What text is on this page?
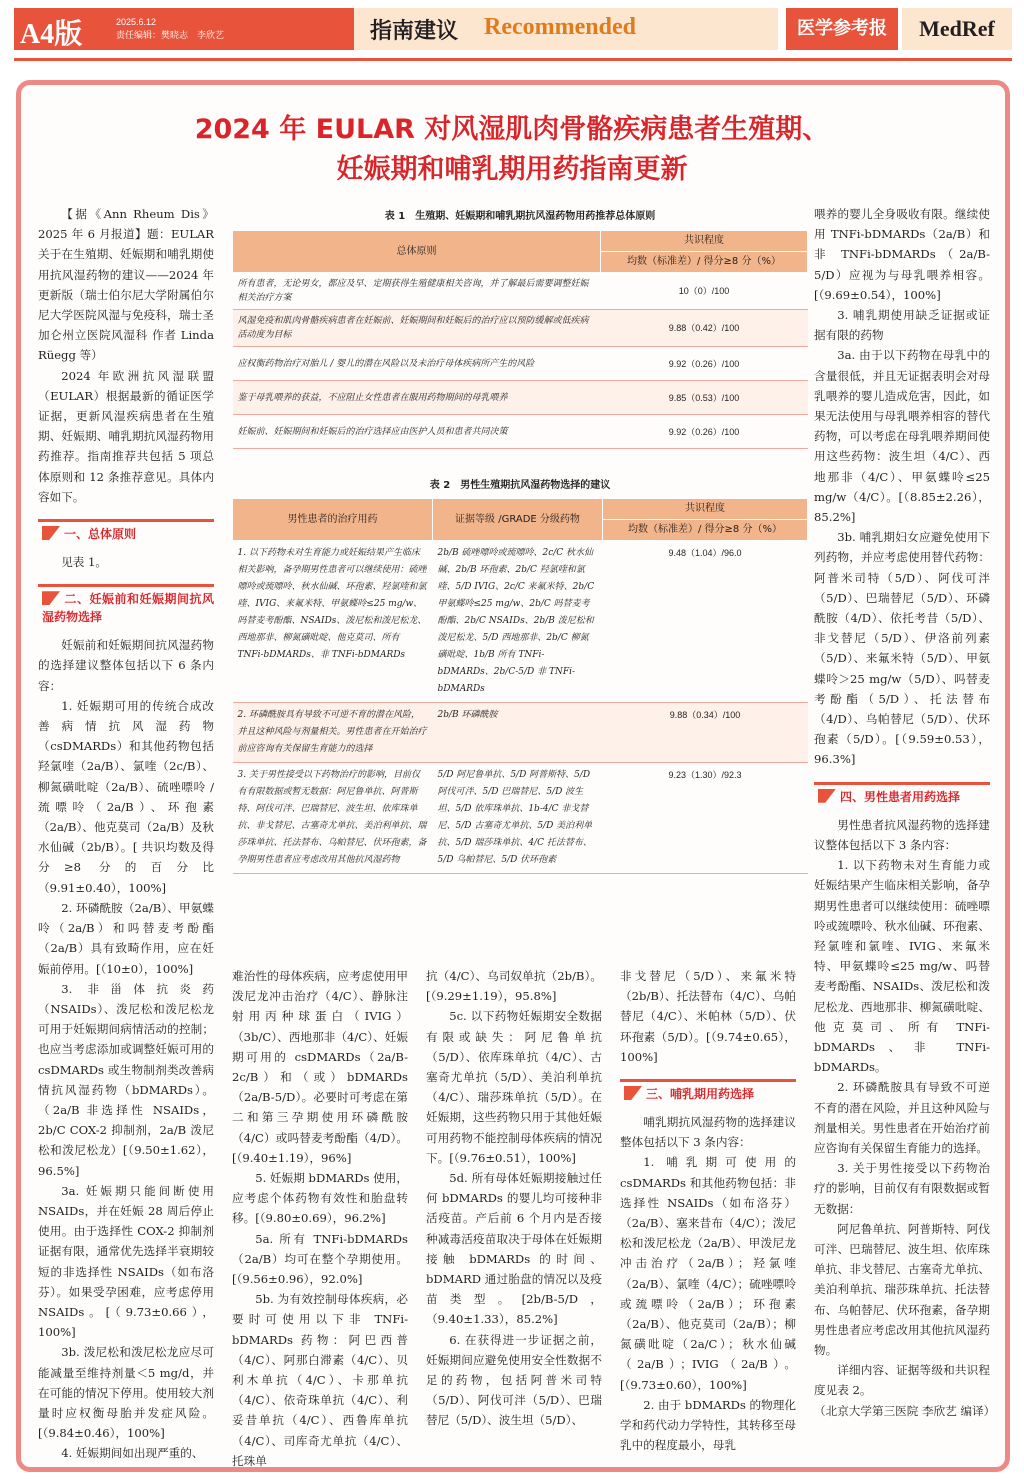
A4版	2025.6.12
责任编辑：樊晓志　李欣艺	指南建议 Recommended	医学参考报	MedRef
2024 年 EULAR 对风湿肌肉骨骼疾病患者生殖期、
妊娠期和哺乳期用药指南更新

【据《Ann Rheum Dis》2025 年 6 月报道】题：EULAR 关于在生殖期、妊娠期和哺乳期使用抗风湿药物的建议——2024 年更新版（瑞士伯尔尼大学附属伯尔尼大学医院风湿与免疫科，瑞士圣加仑州立医院风湿科 作者 Linda Rüegg 等）

2024 年欧洲抗风湿联盟（EULAR）根据最新的循证医学证据，更新风湿疾病患者在生殖期、妊娠期、哺乳期抗风湿药物用药推荐。指南推荐共包括 5 项总体原则和 12 条推荐意见。具体内容如下。

一、总体原则

见表 1。

二、妊娠前和妊娠期间抗风湿药物选择

妊娠前和妊娠期间抗风湿药物的选择建议整体包括以下 6 条内容：

1. 妊娠期可用的传统合成改善病情抗风湿药物（csDMARDs）和其他药物包括羟氯喹（2a/B）、氯喹（2c/B）、柳氮磺吡啶（2a/B）、硫唑嘌呤 / 巯嘌呤（2a/B）、环孢素（2a/B）、他克莫司（2a/B）及秋水仙碱（2b/B）。[ 共识均数及得分≥8 分的百分比（9.91±0.40），100%]

2. 环磷酰胺（2a/B）、甲氨蝶呤（2a/B）和吗替麦考酚酯（2a/B）具有致畸作用，应在妊娠前停用。[（10±0），100%]

3. 非甾体抗炎药（NSAIDs）、泼尼松和泼尼松龙可用于妊娠期间病情活动的控制；也应当考虑添加或调整妊娠可用的 csDMARDs 或生物制剂类改善病情抗风湿药物（bDMARDs）。（2a/B 非选择性 NSAIDs，2b/C COX-2 抑制剂，2a/B 泼尼松和泼尼松龙）[（9.50±1.62），96.5%]

3a. 妊娠期只能间断使用 NSAIDs，并在妊娠 28 周后停止使用。由于选择性 COX-2 抑制剂证据有限，通常优先选择半衰期较短的非选择性 NSAIDs（如布洛芬）。如果受孕困难，应考虑停用 NSAIDs。[（9.73±0.66），100%]

3b. 泼尼松和泼尼松龙应尽可能减量至维持剂量＜5 mg/d，并在可能的情况下停用。使用较大剂量时应权衡母胎并发症风险。[（9.84±0.46），100%]

4. 妊娠期间如出现严重的、

表 1　生殖期、妊娠期和哺乳期抗风湿药物用药推荐总体原则
总体原则	共识程度
	均数（标准差）/ 得分≥8 分（%）
所有患者，无论男女，都应及早、定期获得生殖健康相关咨询，并了解最后需要调整妊娠相关治疗方案	10（0）/100
风湿免疫和肌肉骨骼疾病患者在妊娠前、妊娠期间和妊娠后的治疗应以预防缓解或低疾病活动度为目标	9.88（0.42）/100
应权衡药物治疗对胎儿 / 婴儿的潜在风险以及未治疗母体疾病所产生的风险	9.92（0.26）/100
鉴于母乳喂养的获益，不应阻止女性患者在服用药物期间的母乳喂养	9.85（0.53）/100
妊娠前、妊娠期间和妊娠后的治疗选择应由医护人员和患者共同决策	9.92（0.26）/100
表 2　男性生殖期抗风湿药物选择的建议
男性患者的治疗用药	证据等级 /GRADE 分级药物	共识程度
		均数（标准差）/ 得分≥8 分（%）
1. 以下药物未对生育能力或妊娠结果产生临床相关影响，备孕期男性患者可以继续使用：硫唑嘌呤或巯嘌呤、秋水仙碱、环孢素、羟氯喹和氯喹、IVIG、来氟米特、甲氨蝶呤≤25 mg/w、吗替麦考酚酯、NSAIDs、泼尼松和泼尼松龙、西地那非、柳氮磺吡啶、他克莫司、所有 TNFi-bDMARDs、非 TNFi-bDMARDs	2b/B 硫唑嘌呤或巯嘌呤、2c/C 秋水仙碱、2b/B 环孢素、2b/C 羟氯喹和氯喹、5/D IVIG、2c/C 来氟米特、2b/C 甲氨蝶呤≤25 mg/w、2b/C 吗替麦考酚酯、2b/C NSAIDs、2b/B 泼尼松和泼尼松龙、5/D 西地那非、2b/C 柳氮磺吡啶、1b/B 所有 TNFi-bDMARDs、2b/C-5/D 非 TNFi-bDMARDs	9.48（1.04）/96.0
2. 环磷酰胺具有导致不可逆不育的潜在风险，并且这种风险与剂量相关。男性患者在开始治疗前应咨询有关保留生育能力的选择	2b/B 环磷酰胺	9.88（0.34）/100
3. 关于男性接受以下药物治疗的影响，目前仅有有限数据或暂无数据：阿尼鲁单抗、阿普斯特、阿伐可泮、巴瑞替尼、波生坦、依库珠单抗、非戈替尼、古塞奇尤单抗、美泊利单抗、瑞莎珠单抗、托法替布、乌帕替尼、伏环孢素，备孕期男性患者应考虑改用其他抗风湿药物	5/D 阿尼鲁单抗、5/D 阿普斯特、5/D 阿伐可泮、5/D 巴瑞替尼、5/D 波生坦、5/D 依库珠单抗、1b-4/C 非戈替尼、5/D 古塞奇尤单抗、5/D 美泊利单抗、5/D 瑞莎珠单抗、4/C 托法替布、5/D 乌帕替尼、5/D 伏环孢素	9.23（1.30）/92.3

难治性的母体疾病，应考虑使用甲泼尼龙冲击治疗（4/C）、静脉注射用丙种球蛋白（IVIG）（3b/C）、西地那非（4/C）、妊娠期可用的 csDMARDs（2a/B-2c/B）和（或）bDMARDs（2a/B-5/D）。必要时可考虑在第二和第三孕期使用环磷酰胺（4/C）或吗替麦考酚酯（4/D）。[（9.40±1.19），96%]

5. 妊娠期 bDMARDs 使用，应考虑个体药物有效性和胎盘转移。[（9.80±0.69），96.2%]

5a. 所有 TNFi-bDMARDs（2a/B）均可在整个孕期使用。[（9.56±0.96），92.0%]

5b. 为有效控制母体疾病，必要时可使用以下非 TNFi-bDMARDs 药物：阿巴西普（4/C）、阿那白滞素（4/C）、贝利木单抗（4/C）、卡那单抗（4/C）、依奇珠单抗（4/C）、利妥昔单抗（4/C）、西鲁库单抗（4/C）、司库奇尤单抗（4/C）、托珠单

抗（4/C）、乌司奴单抗（2b/B）。[（9.29±1.19），95.8%]

5c. 以下药物妊娠期安全数据有限或缺失：阿尼鲁单抗（5/D）、依库珠单抗（4/C）、古塞奇尤单抗（5/D）、美泊利单抗（4/C）、瑞莎珠单抗（5/D）。在妊娠期，这些药物只用于其他妊娠可用药物不能控制母体疾病的情况下。[（9.76±0.51），100%]

5d. 所有母体妊娠期接触过任何 bDMARDs 的婴儿均可接种非活疫苗。产后前 6 个月内是否接种减毒活疫苗取决于母体在妊娠期接触 bDMARDs 的时间、bDMARD 通过胎盘的情况以及疫苗类型。[2b/B-5/D，（9.40±1.33），85.2%]

6. 在获得进一步证据之前，妊娠期间应避免使用安全性数据不足的药物，包括阿普米司特（5/D）、阿伐可泮（5/D）、巴瑞替尼（5/D）、波生坦（5/D）、

非戈替尼（5/D）、来氟米特（2b/B）、托法替布（4/C）、乌帕替尼（4/C）、米帕林（5/D）、伏环孢素（5/D）。[（9.74±0.65），100%]

三、哺乳期用药选择

哺乳期抗风湿药物的选择建议整体包括以下 3 条内容：

1. 哺乳期可使用的 csDMARDs 和其他药物包括：非选择性 NSAIDs（如布洛芬）（2a/B）、塞来昔布（4/C）；泼尼松和泼尼松龙（2a/B）、甲泼尼龙冲击治疗（2a/B）；羟氯喹（2a/B）、氯喹（4/C）；硫唑嘌呤或巯嘌呤（2a/B）；环孢素（2a/B）、他克莫司（2a/B）；柳氮磺吡啶（2a/C）；秋水仙碱（2a/B）；IVIG（2a/B）。[（9.73±0.60），100%]

2. 由于 bDMARDs 的物理化学和药代动力学特性，其转移至母乳中的程度最小，母乳

喂养的婴儿全身吸收有限。继续使用 TNFi-bDMARDs（2a/B）和非 TNFi-bDMARDs（2a/B-5/D）应视为与母乳喂养相容。[（9.69±0.54），100%]

3. 哺乳期使用缺乏证据或证据有限的药物

3a. 由于以下药物在母乳中的含量很低，并且无证据表明会对母乳喂养的婴儿造成危害，因此，如果无法使用与母乳喂养相容的替代药物，可以考虑在母乳喂养期间使用这些药物：波生坦（4/C）、西地那非（4/C）、甲氨蝶呤≤25 mg/w（4/C）。[（8.85±2.26），85.2%]

3b. 哺乳期妇女应避免使用下列药物，并应考虑使用替代药物：阿普米司特（5/D）、阿伐可泮（5/D）、巴瑞替尼（5/D）、环磷酰胺（4/D）、依托考昔（5/D）、非戈替尼（5/D）、伊洛前列素（5/D）、来氟米特（5/D）、甲氨蝶呤＞25 mg/w（5/D）、吗替麦考酚酯（5/D）、托法替布（4/D）、乌帕替尼（5/D）、伏环孢素（5/D）。[（9.59±0.53），96.3%]

四、男性患者用药选择

男性患者抗风湿药物的选择建议整体包括以下 3 条内容：

1. 以下药物未对生育能力或妊娠结果产生临床相关影响，备孕期男性患者可以继续使用：硫唑嘌呤或巯嘌呤、秋水仙碱、环孢素、羟氯喹和氯喹、IVIG、来氟米特、甲氨蝶呤≤25 mg/w、吗替麦考酚酯、NSAIDs、泼尼松和泼尼松龙、西地那非、柳氮磺吡啶、他克莫司、所有 TNFi-bDMARDs、非 TNFi-bDMARDs。

2. 环磷酰胺具有导致不可逆不育的潜在风险，并且这种风险与剂量相关。男性患者在开始治疗前应咨询有关保留生育能力的选择。

3. 关于男性接受以下药物治疗的影响，目前仅有有限数据或暂无数据：

阿尼鲁单抗、阿普斯特、阿伐可泮、巴瑞替尼、波生坦、依库珠单抗、非戈替尼、古塞奇尤单抗、美泊利单抗、瑞莎珠单抗、托法替布、乌帕替尼、伏环孢素，备孕期男性患者应考虑改用其他抗风湿药物。

详细内容、证据等级和共识程度见表 2。

（北京大学第三医院 李欣艺 编译）
